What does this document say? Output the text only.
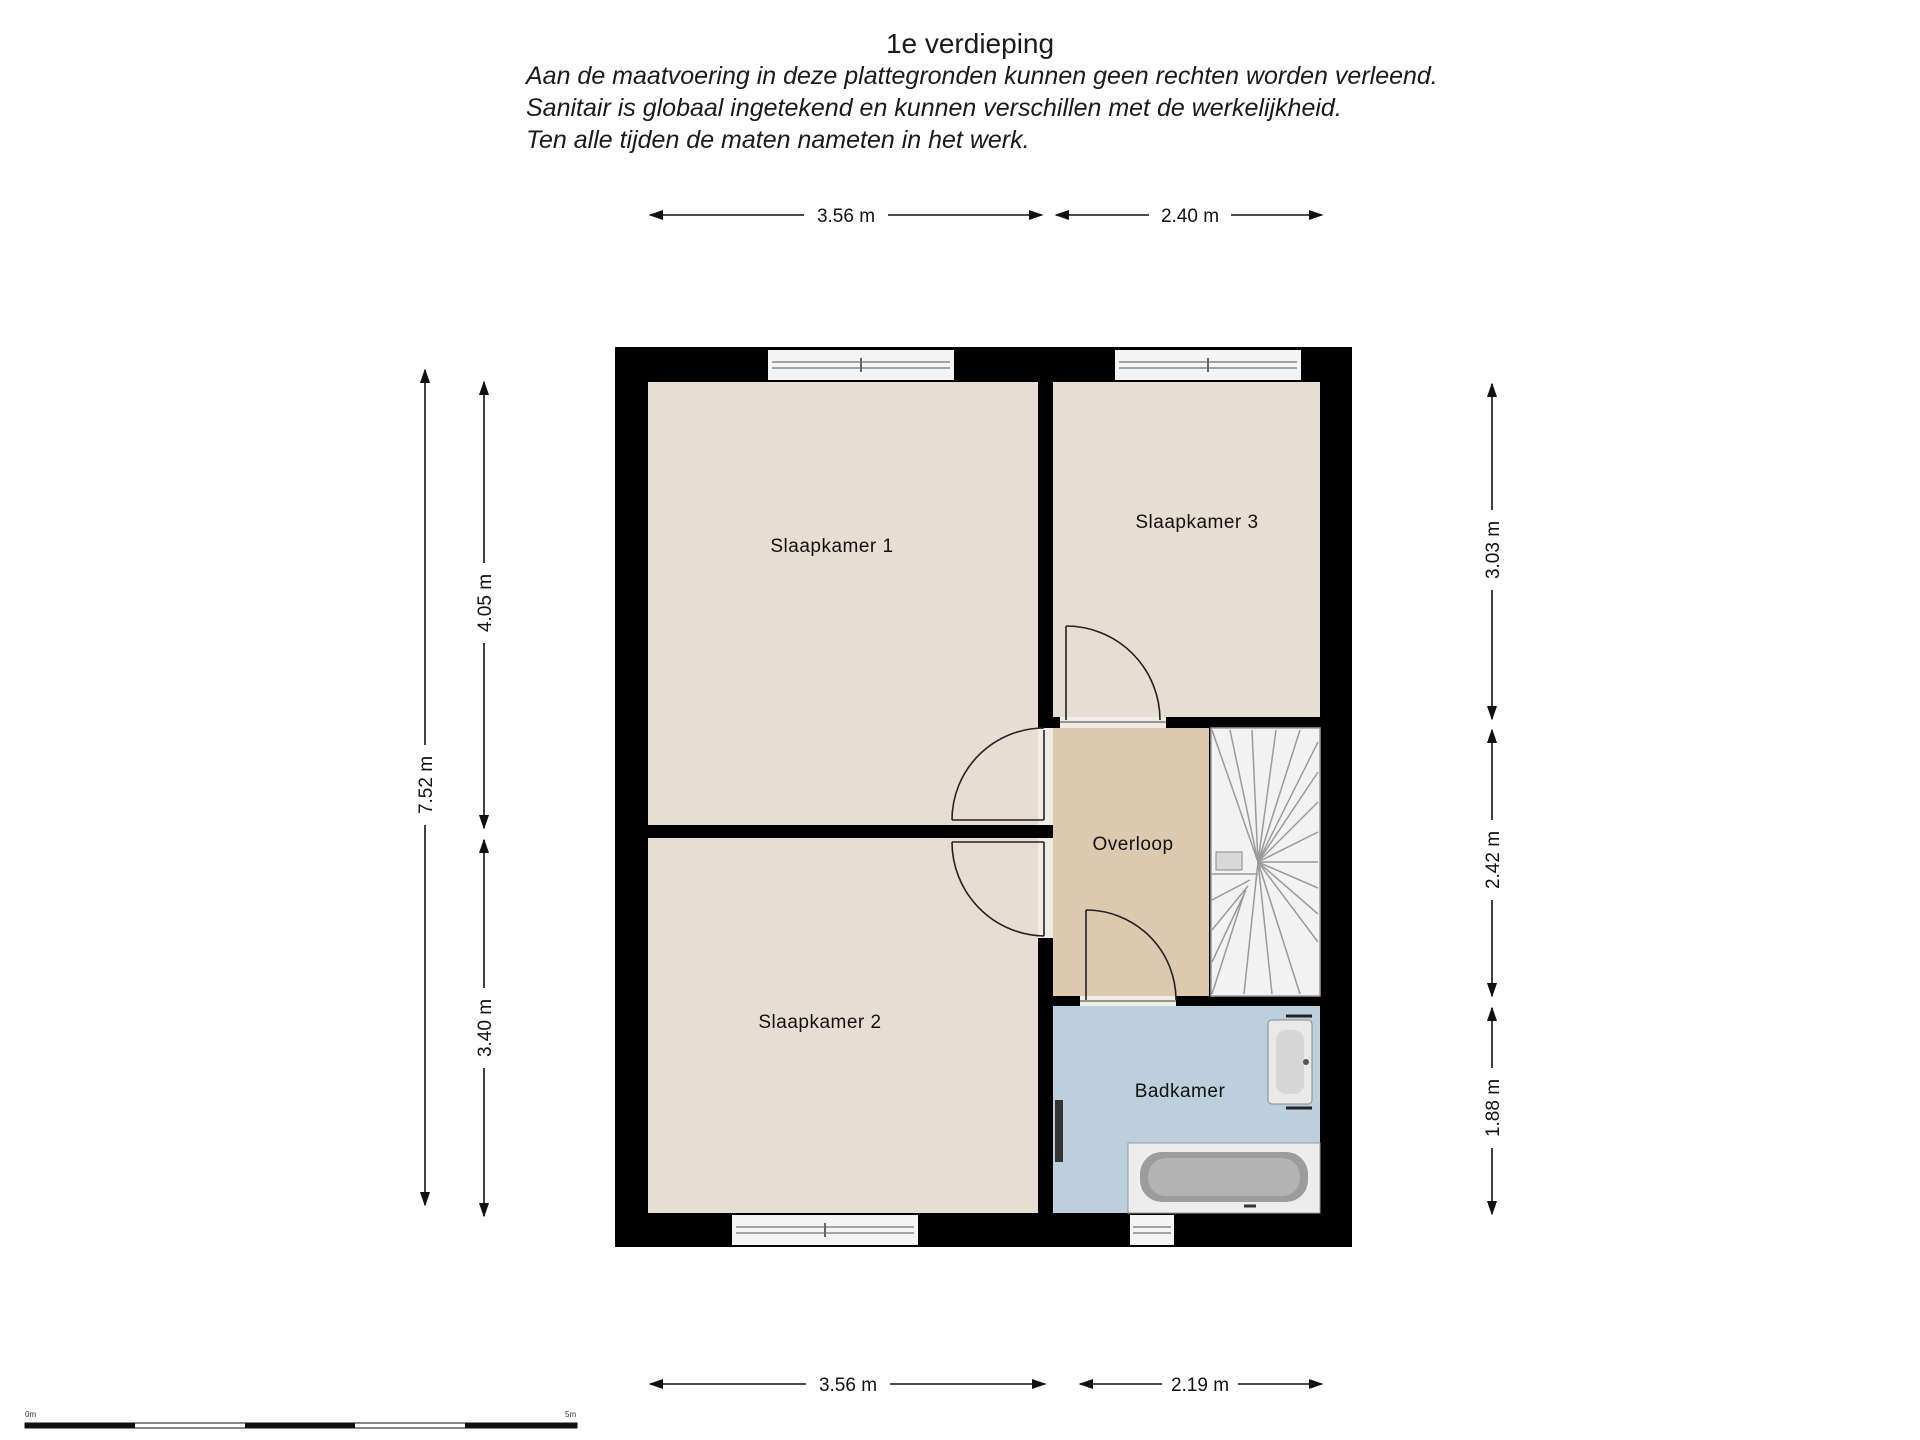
1e verdieping
Aan de maatvoering in deze plattegronden kunnen geen rechten worden verleend.
Sanitair is globaal ingetekend en kunnen verschillen met de werkelijkheid.
Ten alle tijden de maten nameten in het werk.
Slaapkamer 1
Slaapkamer 2
Slaapkamer 3
Overloop
Badkamer
3.56 m	2.40 m
3.56 m	2.19 m
7.52 m
4.05 m
3.40 m
3.03 m
2.42 m
1.88 m
0m	5m
